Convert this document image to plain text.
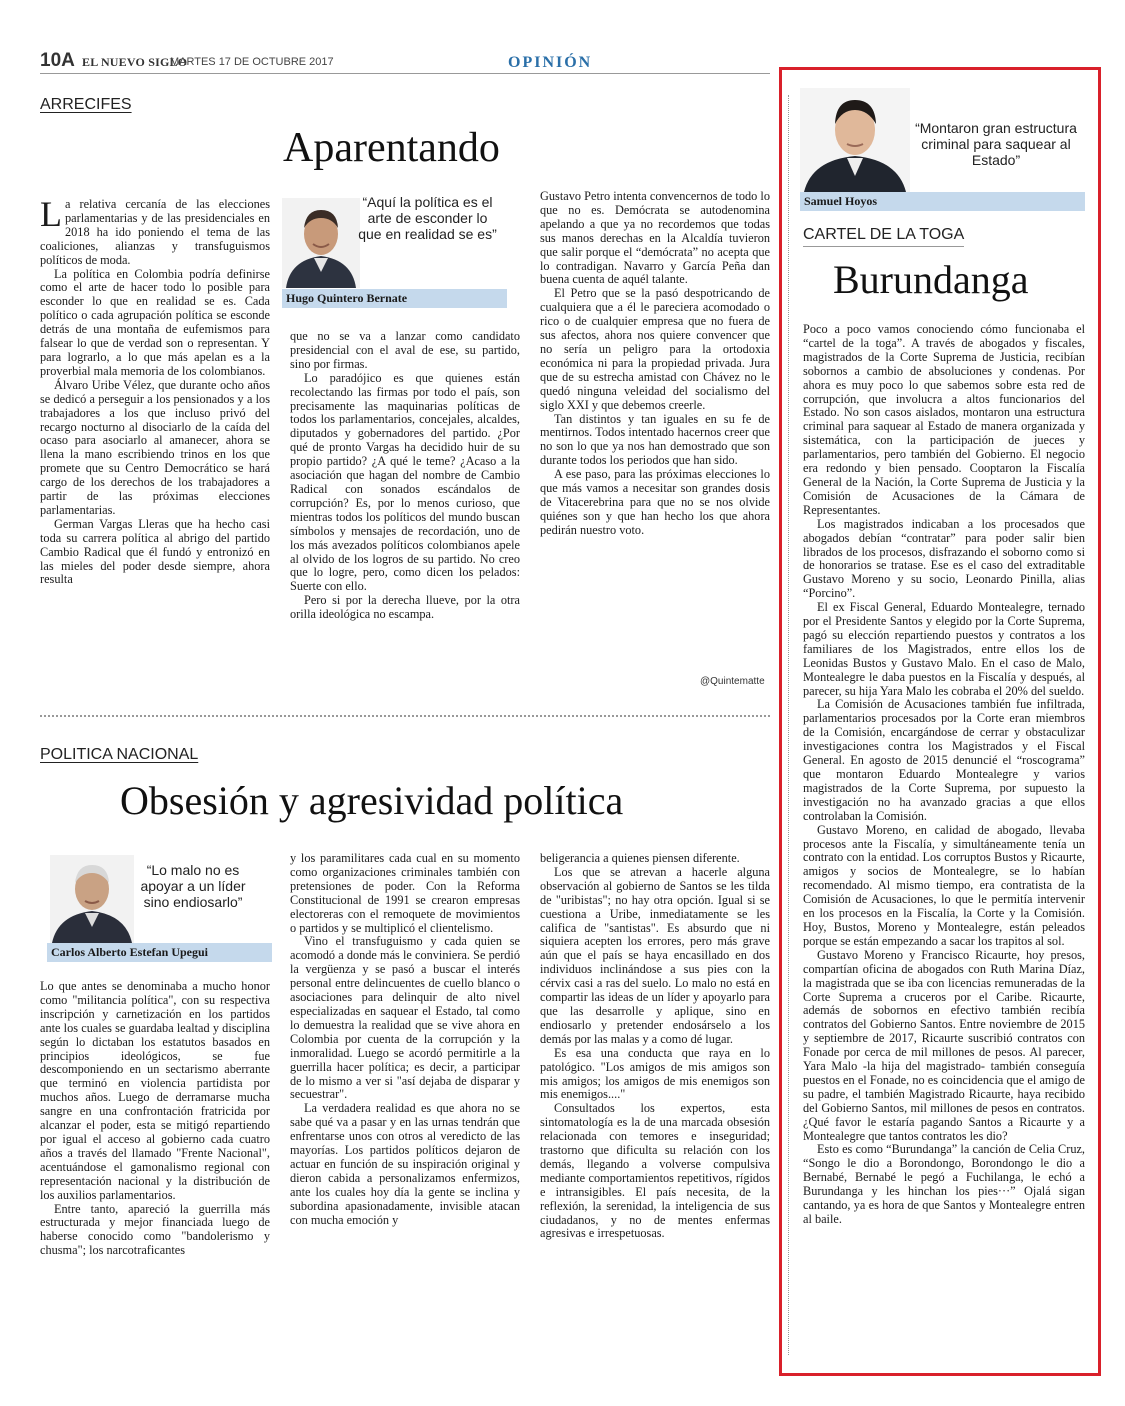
10A EL NUEVO SIGLO
MARTES 17 DE OCTUBRE 2017	OPINIÓN
ARRECIFES
Aparentando

La relativa cercanía de las elecciones parlamentarias y de las presidenciales en 2018 ha ido poniendo el tema de las coaliciones, alianzas y transfuguismos políticos de moda.

La política en Colombia podría definirse como el arte de hacer todo lo posible para esconder lo que en realidad se es. Cada político o cada agrupación política se esconde detrás de una montaña de eufemismos para falsear lo que de verdad son o representan. Y para lograrlo, a lo que más apelan es a la proverbial mala memoria de los colombianos.

Álvaro Uribe Vélez, que durante ocho años se dedicó a perseguir a los pensionados y a los trabajadores a los que incluso privó del recargo nocturno al disociarlo de la caída del ocaso para asociarlo al amanecer, ahora se llena la mano escribiendo trinos en los que promete que su Centro Democrático se hará cargo de los derechos de los trabajadores a partir de las próximas elecciones parlamentarias.

German Vargas Lleras que ha hecho casi toda su carrera política al abrigo del partido Cambio Radical que él fundó y entronizó en las mieles del poder desde siempre, ahora resulta

“Aquí la política es el arte de esconder lo que en realidad se es”
Hugo Quintero Bernate

que no se va a lanzar como candidato presidencial con el aval de ese, su partido, sino por firmas.

Lo paradójico es que quienes están recolectando las firmas por todo el país, son precisamente las maquinarias políticas de todos los parlamentarios, concejales, alcaldes, diputados y gobernadores del partido. ¿Por qué de pronto Vargas ha decidido huir de su propio partido? ¿A qué le teme? ¿Acaso a la asociación que hagan del nombre de Cambio Radical con sonados escándalos de corrupción? Es, por lo menos curioso, que mientras todos los políticos del mundo buscan símbolos y mensajes de recordación, uno de los más avezados políticos colombianos apele al olvido de los logros de su partido. No creo que lo logre, pero, como dicen los pelados: Suerte con ello.

Pero si por la derecha llueve, por la otra orilla ideológica no escampa.

Gustavo Petro intenta convencernos de todo lo que no es. Demócrata se autodenomina apelando a que ya no recordemos que todas sus manos derechas en la Alcaldía tuvieron que salir porque el “demócrata” no acepta que lo contradigan. Navarro y García Peña dan buena cuenta de aquél talante.

El Petro que se la pasó despotricando de cualquiera que a él le pareciera acomodado o rico o de cualquier empresa que no fuera de sus afectos, ahora nos quiere convencer que no sería un peligro para la ortodoxia económica ni para la propiedad privada. Jura que de su estrecha amistad con Chávez no le quedó ninguna veleidad del socialismo del siglo XXI y que debemos creerle.

Tan distintos y tan iguales en su fe de mentirnos. Todos intentado hacernos creer que no son lo que ya nos han demostrado que son durante todos los periodos que han sido.

A ese paso, para las próximas elecciones lo que más vamos a necesitar son grandes dosis de Vitacerebrina para que no se nos olvide quiénes son y que han hecho los que ahora pedirán nuestro voto.

@Quintematte
POLITICA NACIONAL
Obsesión y agresividad política
“Lo malo no es apoyar a un líder sino endiosarlo”
Carlos Alberto Estefan Upegui

Lo que antes se denominaba a mucho honor como "militancia política", con su respectiva inscripción y carnetización en los partidos ante los cuales se guardaba lealtad y disciplina según lo dictaban los estatutos basados en principios ideológicos, se fue descomponiendo en un sectarismo aberrante que terminó en violencia partidista por muchos años. Luego de derramarse mucha sangre en una confrontación fratricida por alcanzar el poder, esta se mitigó repartiendo por igual el acceso al gobierno cada cuatro años a través del llamado "Frente Nacional", acentuándose el gamonalismo regional con representación nacional y la distribución de los auxilios parlamentarios.

Entre tanto, apareció la guerrilla más estructurada y mejor financiada luego de haberse conocido como "bandolerismo y chusma"; los narcotraficantes

y los paramilitares cada cual en su momento como organizaciones criminales también con pretensiones de poder. Con la Reforma Constitucional de 1991 se crearon empresas electoreras con el remoquete de movimientos o partidos y se multiplicó el clientelismo.

Vino el transfuguismo y cada quien se acomodó a donde más le conviniera. Se perdió la vergüenza y se pasó a buscar el interés personal entre delincuentes de cuello blanco o asociaciones para delinquir de alto nivel especializadas en saquear el Estado, tal como lo demuestra la realidad que se vive ahora en Colombia por cuenta de la corrupción y la inmoralidad. Luego se acordó permitirle a la guerrilla hacer política; es decir, a participar de lo mismo a ver si "así dejaba de disparar y secuestrar".

La verdadera realidad es que ahora no se sabe qué va a pasar y en las urnas tendrán que enfrentarse unos con otros al veredicto de las mayorías. Los partidos políticos dejaron de actuar en función de su inspiración original y dieron cabida a personalizamos enfermizos, ante los cuales hoy día la gente se inclina y subordina apasionadamente, invisible atacan con mucha emoción y

beligerancia a quienes piensen diferente.

Los que se atrevan a hacerle alguna observación al gobierno de Santos se les tilda de "uribistas"; no hay otra opción. Igual si se cuestiona a Uribe, inmediatamente se les califica de "santistas". Es absurdo que ni siquiera acepten los errores, pero más grave aún que el país se haya encasillado en dos individuos inclinándose a sus pies con la cérvix casi a ras del suelo. Lo malo no está en compartir las ideas de un líder y apoyarlo para que las desarrolle y aplique, sino en endiosarlo y pretender endosárselo a los demás por las malas y a como dé lugar.

Es esa una conducta que raya en lo patológico. "Los amigos de mis amigos son mis amigos; los amigos de mis enemigos son mis enemigos...."

Consultados los expertos, esta sintomatología es la de una marcada obsesión relacionada con temores e inseguridad; trastorno que dificulta su relación con los demás, llegando a volverse compulsiva mediante comportamientos repetitivos, rígidos e intransigibles. El país necesita, de la reflexión, la serenidad, la inteligencia de sus ciudadanos, y no de mentes enfermas agresivas e irrespetuosas.

“Montaron gran estructura criminal para saquear al Estado”
Samuel Hoyos
CARTEL DE LA TOGA
Burundanga

Poco a poco vamos conociendo cómo funcionaba el “cartel de la toga”. A través de abogados y fiscales, magistrados de la Corte Suprema de Justicia, recibían sobornos a cambio de absoluciones y condenas. Por ahora es muy poco lo que sabemos sobre esta red de corrupción, que involucra a altos funcionarios del Estado. No son casos aislados, montaron una estructura criminal para saquear al Estado de manera organizada y sistemática, con la participación de jueces y parlamentarios, pero también del Gobierno. El negocio era redondo y bien pensado. Cooptaron la Fiscalía General de la Nación, la Corte Suprema de Justicia y la Comisión de Acusaciones de la Cámara de Representantes.

Los magistrados indicaban a los procesados que abogados debían “contratar” para poder salir bien librados de los procesos, disfrazando el soborno como si de honorarios se tratase. Ese es el caso del extraditable Gustavo Moreno y su socio, Leonardo Pinilla, alias “Porcino”.

El ex Fiscal General, Eduardo Montealegre, ternado por el Presidente Santos y elegido por la Corte Suprema, pagó su elección repartiendo puestos y contratos a los familiares de los Magistrados, entre ellos los de Leonidas Bustos y Gustavo Malo. En el caso de Malo, Montealegre le daba puestos en la Fiscalía y después, al parecer, su hija Yara Malo les cobraba el 20% del sueldo.

La Comisión de Acusaciones también fue infiltrada, parlamentarios procesados por la Corte eran miembros de la Comisión, encargándose de cerrar y obstaculizar investigaciones contra los Magistrados y el Fiscal General. En agosto de 2015 denuncié el “roscograma” que montaron Eduardo Montealegre y varios magistrados de la Corte Suprema, por supuesto la investigación no ha avanzado gracias a que ellos controlaban la Comisión.

Gustavo Moreno, en calidad de abogado, llevaba procesos ante la Fiscalía, y simultáneamente tenía un contrato con la entidad. Los corruptos Bustos y Ricaurte, amigos y socios de Montealegre, se lo habían recomendado. Al mismo tiempo, era contratista de la Comisión de Acusaciones, lo que le permitía intervenir en los procesos en la Fiscalía, la Corte y la Comisión. Hoy, Bustos, Moreno y Montealegre, están peleados porque se están empezando a sacar los trapitos al sol.

Gustavo Moreno y Francisco Ricaurte, hoy presos, compartían oficina de abogados con Ruth Marina Díaz, la magistrada que se iba con licencias remuneradas de la Corte Suprema a cruceros por el Caribe. Ricaurte, además de sobornos en efectivo también recibía contratos del Gobierno Santos. Entre noviembre de 2015 y septiembre de 2017, Ricaurte suscribió contratos con Fonade por cerca de mil millones de pesos. Al parecer, Yara Malo -la hija del magistrado- también conseguía puestos en el Fonade, no es coincidencia que el amigo de su padre, el también Magistrado Ricaurte, haya recibido del Gobierno Santos, mil millones de pesos en contratos. ¿Qué favor le estaría pagando Santos a Ricaurte y a Montealegre que tantos contratos les dio?

Esto es como “Burundanga” la canción de Celia Cruz, “Songo le dio a Borondongo, Borondongo le dio a Bernabé, Bernabé le pegó a Fuchilanga, le echó a Burundanga y les hinchan los pies···” Ojalá sigan cantando, ya es hora de que Santos y Montealegre entren al baile.
